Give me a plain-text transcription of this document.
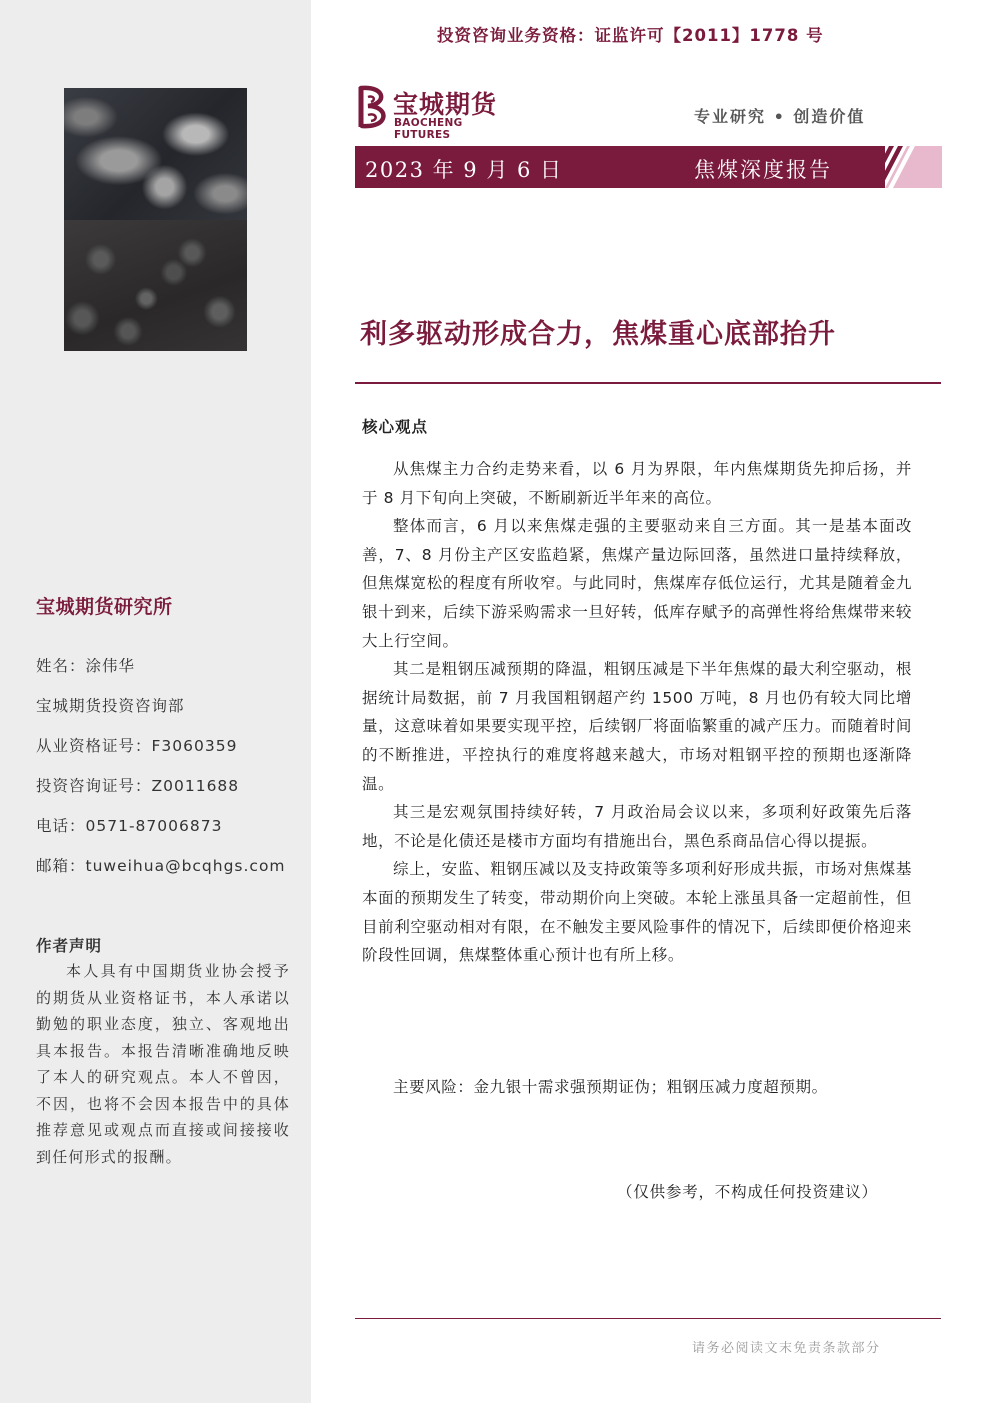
宝城期货研究所
姓名：涂伟华
宝城期货投资咨询部
从业资格证号：F3060359
投资咨询证号：Z0011688
电话：0571-87006873
邮箱：tuweihua@bcqhgs.com
作者声明
本人具有中国期货业协会授予的期货从业资格证书，本人承诺以勤勉的职业态度，独立、客观地出具本报告。本报告清晰准确地反映了本人的研究观点。本人不曾因，不因，也将不会因本报告中的具体推荐意见或观点而直接或间接接收到任何形式的报酬。
投资咨询业务资格：证监许可【2011】1778 号
宝城期货
BAOCHENG FUTURES
专业研究 • 创造价值
2023 年 9 月 6 日	焦煤深度报告
利多驱动形成合力，焦煤重心底部抬升
核心观点

从焦煤主力合约走势来看，以 6 月为界限，年内焦煤期货先抑后扬，并于 8 月下旬向上突破，不断刷新近半年来的高位。

整体而言，6 月以来焦煤走强的主要驱动来自三方面。其一是基本面改善，7、8 月份主产区安监趋紧，焦煤产量边际回落，虽然进口量持续释放，但焦煤宽松的程度有所收窄。与此同时，焦煤库存低位运行，尤其是随着金九银十到来，后续下游采购需求一旦好转，低库存赋予的高弹性将给焦煤带来较大上行空间。

其二是粗钢压减预期的降温，粗钢压减是下半年焦煤的最大利空驱动，根据统计局数据，前 7 月我国粗钢超产约 1500 万吨，8 月也仍有较大同比增量，这意味着如果要实现平控，后续钢厂将面临繁重的减产压力。而随着时间的不断推进，平控执行的难度将越来越大，市场对粗钢平控的预期也逐渐降温。

其三是宏观氛围持续好转，7 月政治局会议以来，多项利好政策先后落地，不论是化债还是楼市方面均有措施出台，黑色系商品信心得以提振。

综上，安监、粗钢压减以及支持政策等多项利好形成共振，市场对焦煤基本面的预期发生了转变，带动期价向上突破。本轮上涨虽具备一定超前性，但目前利空驱动相对有限，在不触发主要风险事件的情况下，后续即便价格迎来阶段性回调，焦煤整体重心预计也有所上移。

主要风险：金九银十需求强预期证伪；粗钢压减力度超预期。
（仅供参考，不构成任何投资建议）
请务必阅读文末免责条款部分
